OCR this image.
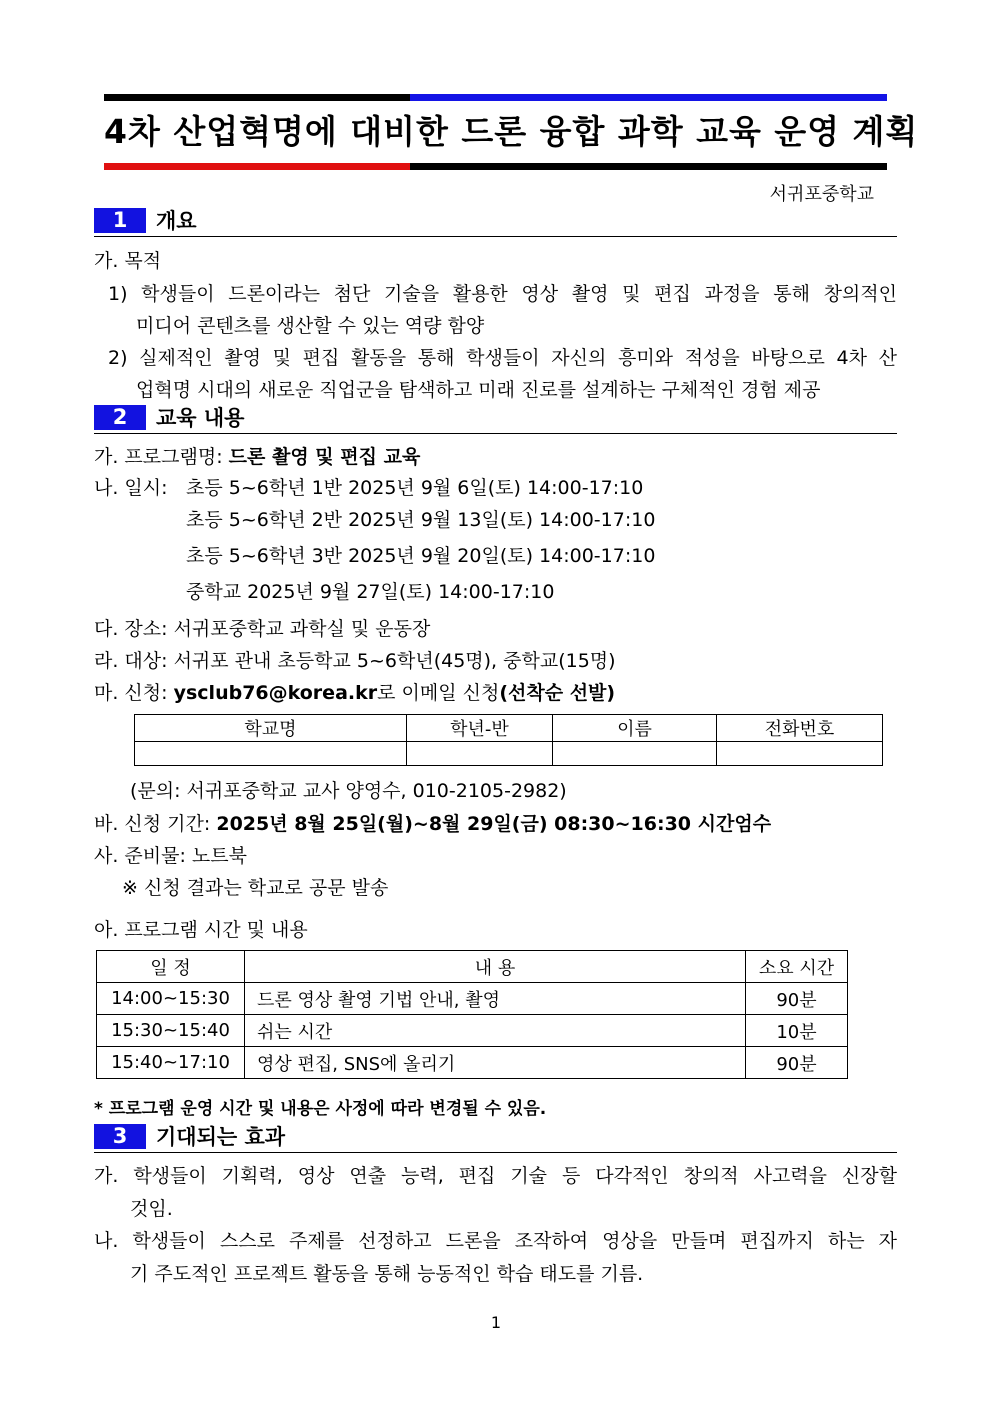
4차 산업혁명에 대비한 드론 융합 과학 교육 운영 계획
서귀포중학교
1	개요
가. 목적
1) 학생들이 드론이라는 첨단 기술을 활용한 영상 촬영 및 편집 과정을 통해 창의적인
미디어 콘텐츠를 생산할 수 있는 역량 함양
2) 실제적인 촬영 및 편집 활동을 통해 학생들이 자신의 흥미와 적성을 바탕으로 4차 산
업혁명 시대의 새로운 직업군을 탐색하고 미래 진로를 설계하는 구체적인 경험 제공
2	교육 내용
가. 프로그램명: 드론 촬영 및 편집 교육
나. 일시: 초등 5~6학년 1반 2025년 9월 6일(토) 14:00-17:10
초등 5~6학년 2반 2025년 9월 13일(토) 14:00-17:10
초등 5~6학년 3반 2025년 9월 20일(토) 14:00-17:10
중학교 2025년 9월 27일(토) 14:00-17:10
다. 장소: 서귀포중학교 과학실 및 운동장
라. 대상: 서귀포 관내 초등학교 5~6학년(45명), 중학교(15명)
마. 신청: ysclub76@korea.kr로 이메일 신청(선착순 선발)
학교명	학년-반	이름	전화번호

(문의: 서귀포중학교 교사 양영수, 010-2105-2982)
바. 신청 기간: 2025년 8월 25일(월)~8월 29일(금) 08:30~16:30 시간엄수
사. 준비물: 노트북
※ 신청 결과는 학교로 공문 발송
아. 프로그램 시간 및 내용
일 정	내 용	소요 시간
14:00~15:30	드론 영상 촬영 기법 안내, 촬영	90분
15:30~15:40	쉬는 시간	10분
15:40~17:10	영상 편집, SNS에 올리기	90분
* 프로그램 운영 시간 및 내용은 사정에 따라 변경될 수 있음.
3	기대되는 효과
가. 학생들이 기획력, 영상 연출 능력, 편집 기술 등 다각적인 창의적 사고력을 신장할
것임.
나. 학생들이 스스로 주제를 선정하고 드론을 조작하여 영상을 만들며 편집까지 하는 자
기 주도적인 프로젝트 활동을 통해 능동적인 학습 태도를 기름.
1
